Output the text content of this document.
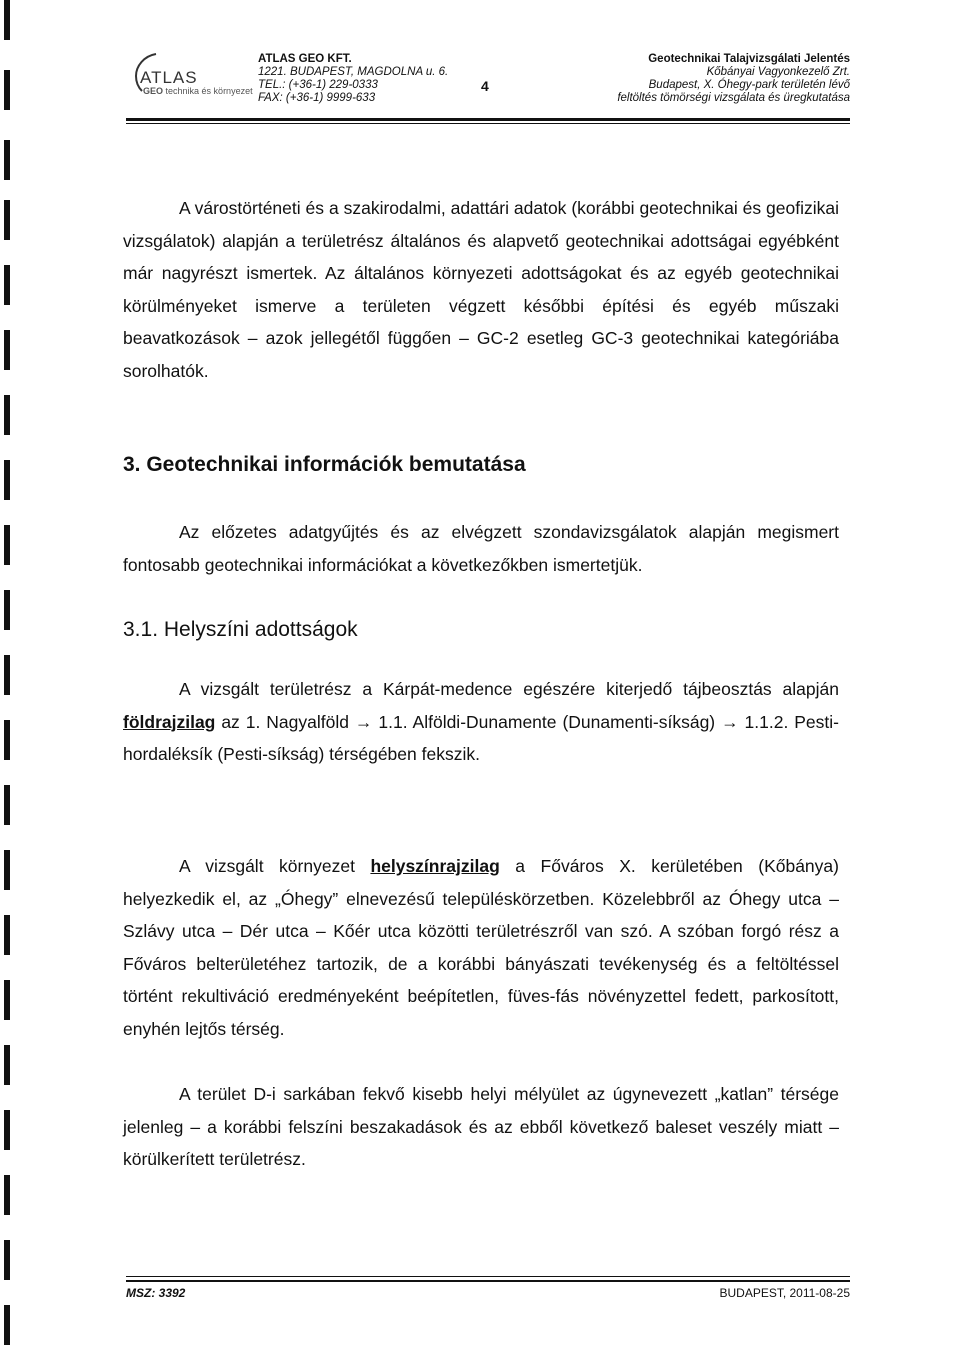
ATLAS
GEO technika és környezet
ATLAS GEO KFT.
1221. BUDAPEST, MAGDOLNA u. 6.
TEL.: (+36-1) 229-0333
FAX: (+36-1) 9999-633
4
Geotechnikai Talajvizsgálati Jelentés
Kőbányai Vagyonkezelő Zrt.
Budapest, X. Óhegy-park területén lévő
feltöltés tömörségi vizsgálata és üregkutatása
A várostörténeti és a szakirodalmi, adattári adatok (korábbi geotechnikai és geofizikai vizsgálatok) alapján a területrész általános és alapvető geotechnikai adottságai egyébként már nagyrészt ismertek. Az általános környezeti adottságokat és az egyéb geotechnikai körülményeket ismerve a területen végzett későbbi építési és egyéb műszaki beavatkozások – azok jellegétől függően – GC-2 esetleg GC-3 geotechnikai kategóriába sorolhatók.
3. Geotechnikai információk bemutatása
Az előzetes adatgyűjtés és az elvégzett szondavizsgálatok alapján megismert fontosabb geotechnikai információkat a következőkben ismertetjük.
3.1. Helyszíni adottságok
A vizsgált területrész a Kárpát-medence egészére kiterjedő tájbeosztás alapján földrajzilag az 1. Nagyalföld → 1.1. Alföldi-Dunamente (Dunamenti-síkság) → 1.1.2. Pesti-hordaléksík (Pesti-síkság) térségében fekszik.
A vizsgált környezet helyszínrajzilag a Főváros X. kerületében (Kőbánya) helyezkedik el, az „Óhegy” elnevezésű településkörzetben. Közelebbről az Óhegy utca – Szlávy utca – Dér utca – Kőér utca közötti területrészről van szó. A szóban forgó rész a Főváros belterületéhez tartozik, de a korábbi bányászati tevékenység és a feltöltéssel történt rekultiváció eredményeként beépítetlen, füves-fás növényzettel fedett, parkosított, enyhén lejtős térség.
A terület D-i sarkában fekvő kisebb helyi mélyület az úgynevezett „katlan” térsége jelenleg – a korábbi felszíni beszakadások és az ebből következő baleset veszély miatt – körülkerített területrész.
MSZ: 3392	BUDAPEST, 2011-08-25
